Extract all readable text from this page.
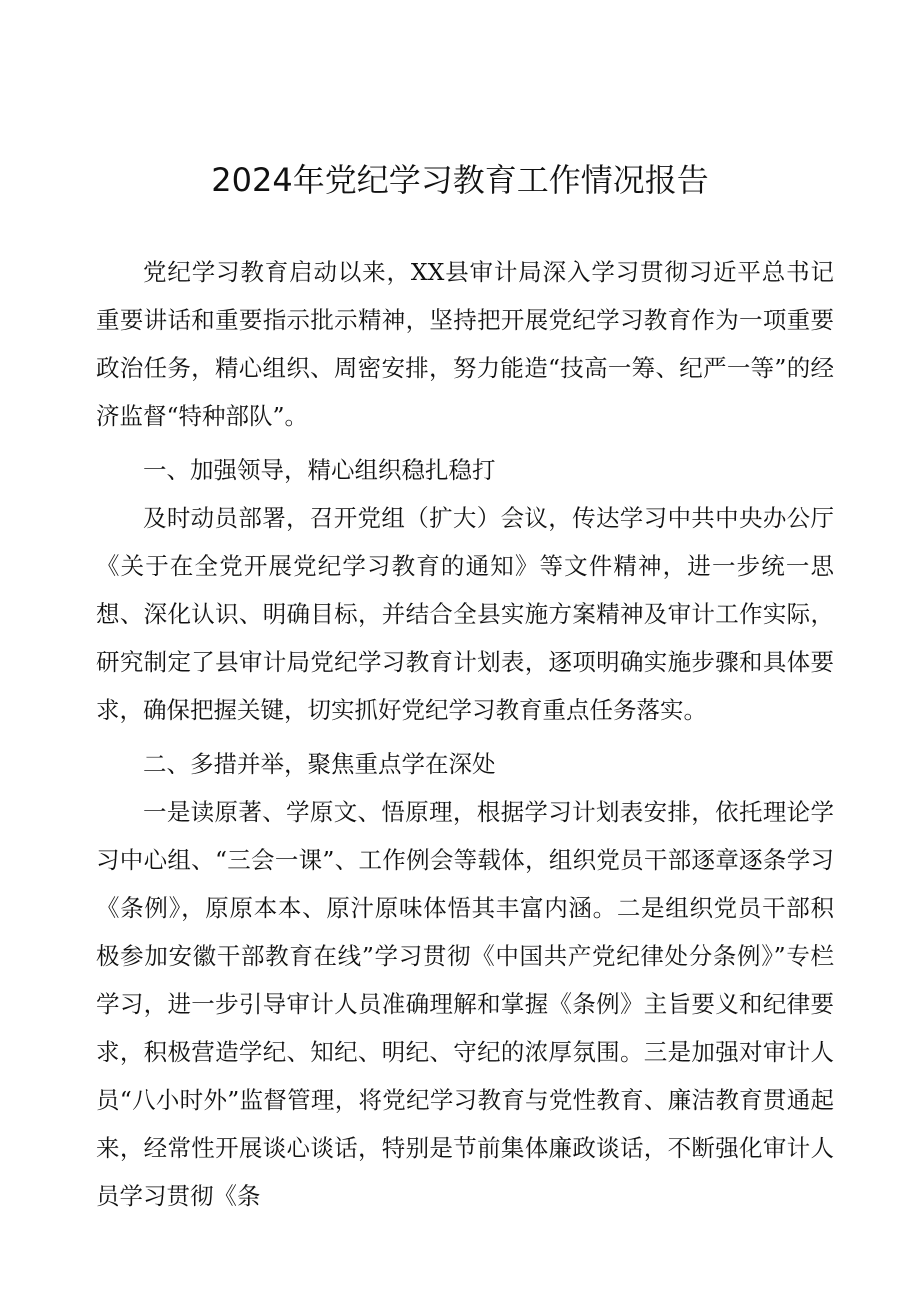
2024年党纪学习教育工作情况报告

党纪学习教育启动以来，XX县审计局深入学习贯彻习近平总书记重要讲话和重要指示批示精神，坚持把开展党纪学习教育作为一项重要政治任务，精心组织、周密安排，努力能造“技高一筹、纪严一等”的经济监督“特种部队”。

一、加强领导，精心组织稳扎稳打

及时动员部署，召开党组（扩大）会议，传达学习中共中央办公厅《关于在全党开展党纪学习教育的通知》等文件精神，进一步统一思想、深化认识、明确目标，并结合全县实施方案精神及审计工作实际，研究制定了县审计局党纪学习教育计划表，逐项明确实施步骤和具体要求，确保把握关键，切实抓好党纪学习教育重点任务落实。

二、多措并举，聚焦重点学在深处

一是读原著、学原文、悟原理，根据学习计划表安排，依托理论学习中心组、“三会一课”、工作例会等载体，组织党员干部逐章逐条学习《条例》，原原本本、原汁原味体悟其丰富内涵。二是组织党员干部积极参加安徽干部教育在线”学习贯彻《中国共产党纪律处分条例》”专栏学习，进一步引导审计人员准确理解和掌握《条例》主旨要义和纪律要求，积极营造学纪、知纪、明纪、守纪的浓厚氛围。三是加强对审计人员“八小时外”监督管理，将党纪学习教育与党性教育、廉洁教育贯通起来，经常性开展谈心谈话，特别是节前集体廉政谈话，不断强化审计人员学习贯彻《条
